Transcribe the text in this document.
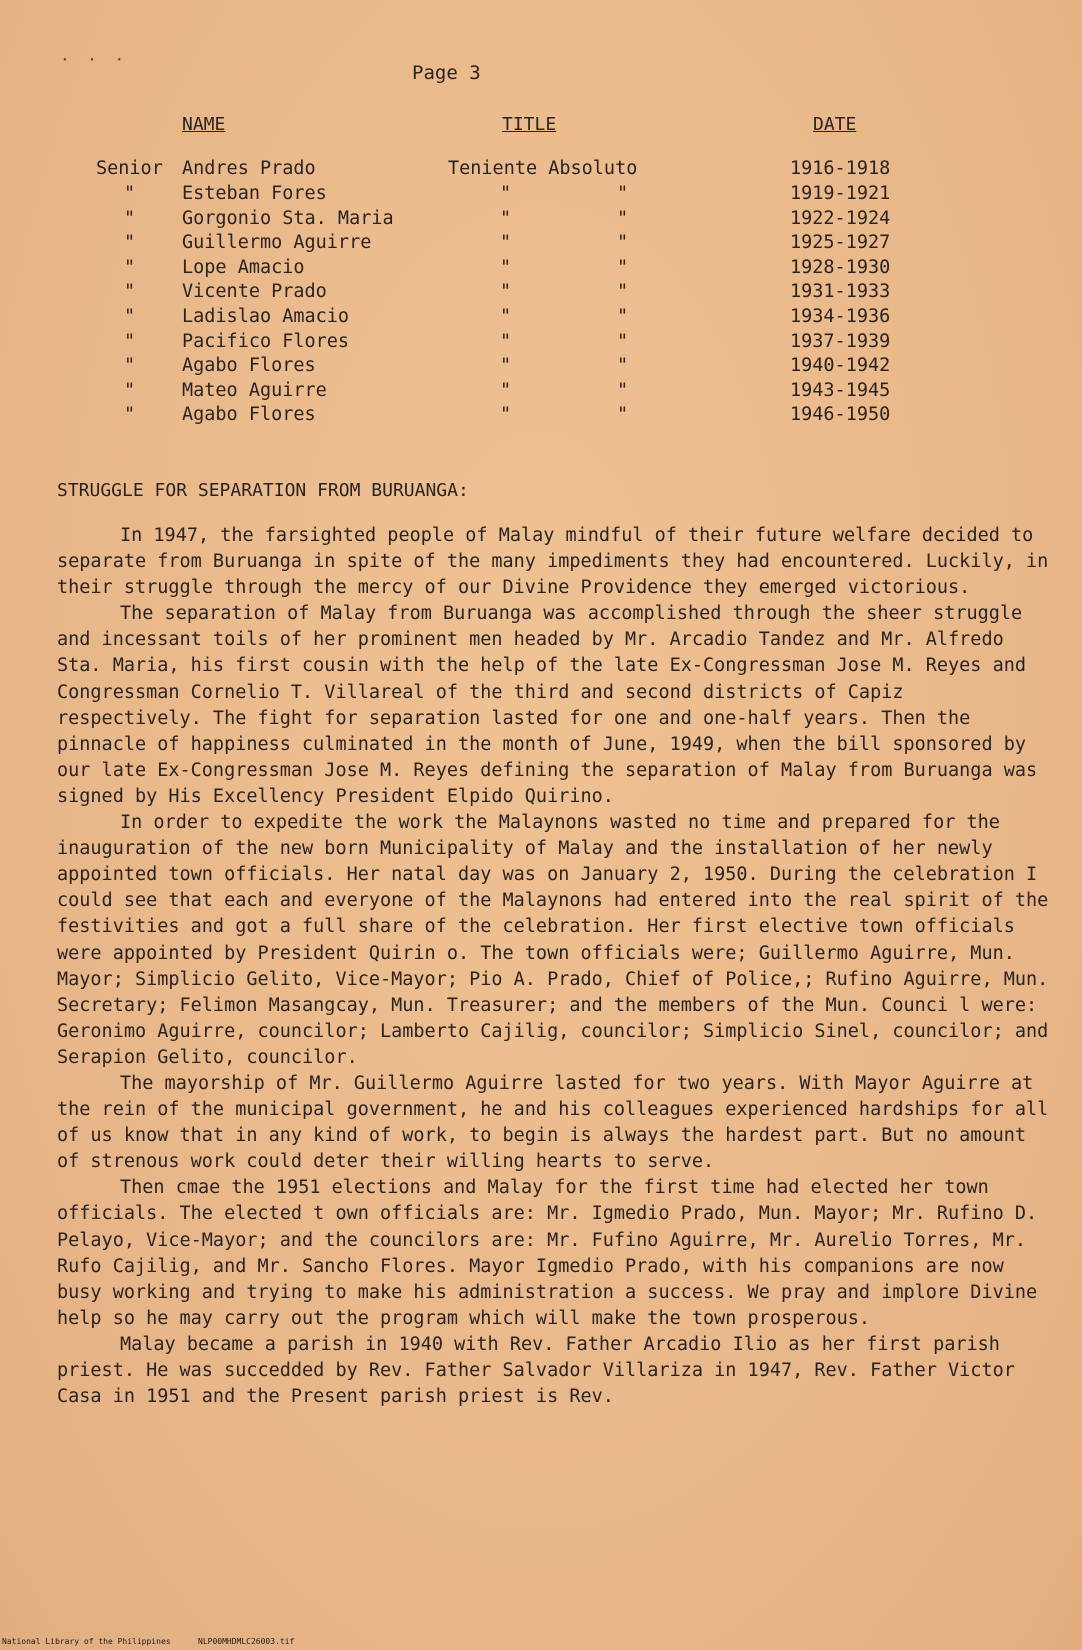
· · ·
Page 3
NAME	TITLE	DATE
Senior Andres Prado	Teniente Absoluto	1916-1918
"	Esteban Fores	"	"	1919-1921
"	Gorgonio Sta. Maria	"	"	1922-1924
"	Guillermo Aguirre	"	"	1925-1927
"	Lope Amacio	"	"	1928-1930
"	Vicente Prado	"	"	1931-1933
"	Ladislao Amacio	"	"	1934-1936
"	Pacifico Flores	"	"	1937-1939
"	Agabo Flores	"	"	1940-1942
"	Mateo Aguirre	"	"	1943-1945
"	Agabo Flores	"	"	1946-1950
STRUGGLE FOR SEPARATION FROM BURUANGA:

In 1947, the farsighted people of Malay mindful of their future welfare decided to separate from Buruanga in spite of the many impediments they had encountered. Luckily, in their struggle through the mercy of our Divine Providence they emerged victorious.

The separation of Malay from Buruanga was accomplished through the sheer struggle and incessant toils of her prominent men headed by Mr. Arcadio Tandez and Mr. Alfredo Sta. Maria, his first cousin with the help of the late Ex-Congressman Jose M. Reyes and Congressman Cornelio T. Villareal of the third and second districts of Capiz respectively. The fight for separation lasted for one and one-half years. Then the pinnacle of happiness culminated in the month of June, 1949, when the bill sponsored by our late Ex-Congressman Jose M. Reyes defining the separation of Malay from Buruanga was signed by His Excellency President Elpido Quirino.

In order to expedite the work the Malaynons wasted no time and prepared for the inauguration of the new born Municipality of Malay and the installation of her newly appointed town officials. Her natal day was on January 2, 1950. During the celebration I could see that each and everyone of the Malaynons had entered into the real spirit of the festivities and got a full share of the celebration. Her first elective town officials were appointed by President Quirin o. The town officials were; Guillermo Aguirre, Mun. Mayor; Simplicio Gelito, Vice-Mayor; Pio A. Prado, Chief of Police,; Rufino Aguirre, Mun. Secretary; Felimon Masangcay, Mun. Treasurer; and the members of the Mun. Counci l were: Geronimo Aguirre, councilor; Lamberto Cajilig, councilor; Simplicio Sinel, councilor; and Serapion Gelito, councilor.

The mayorship of Mr. Guillermo Aguirre lasted for two years. With Mayor Aguirre at the rein of the municipal government, he and his colleagues experienced hardships for all of us know that in any kind of work, to begin is always the hardest part. But no amount of strenous work could deter their willing hearts to serve.

Then cmae the 1951 elections and Malay for the first time had elected her town officials. The elected t own officials are: Mr. Igmedio Prado, Mun. Mayor; Mr. Rufino D. Pelayo, Vice-Mayor; and the councilors are: Mr. Fufino Aguirre, Mr. Aurelio Torres, Mr. Rufo Cajilig, and Mr. Sancho Flores. Mayor Igmedio Prado, with his companions are now busy working and trying to make his administration a success. We pray and implore Divine help so he may carry out the program which will make the town prosperous.

Malay became a parish in 1940 with Rev. Father Arcadio Ilio as her first parish priest. He was succedded by Rev. Father Salvador Villariza in 1947, Rev. Father Victor Casa in 1951 and the Present parish priest is Rev.

National Library of the Philippines	NLP00MHDMLC26003.tif
